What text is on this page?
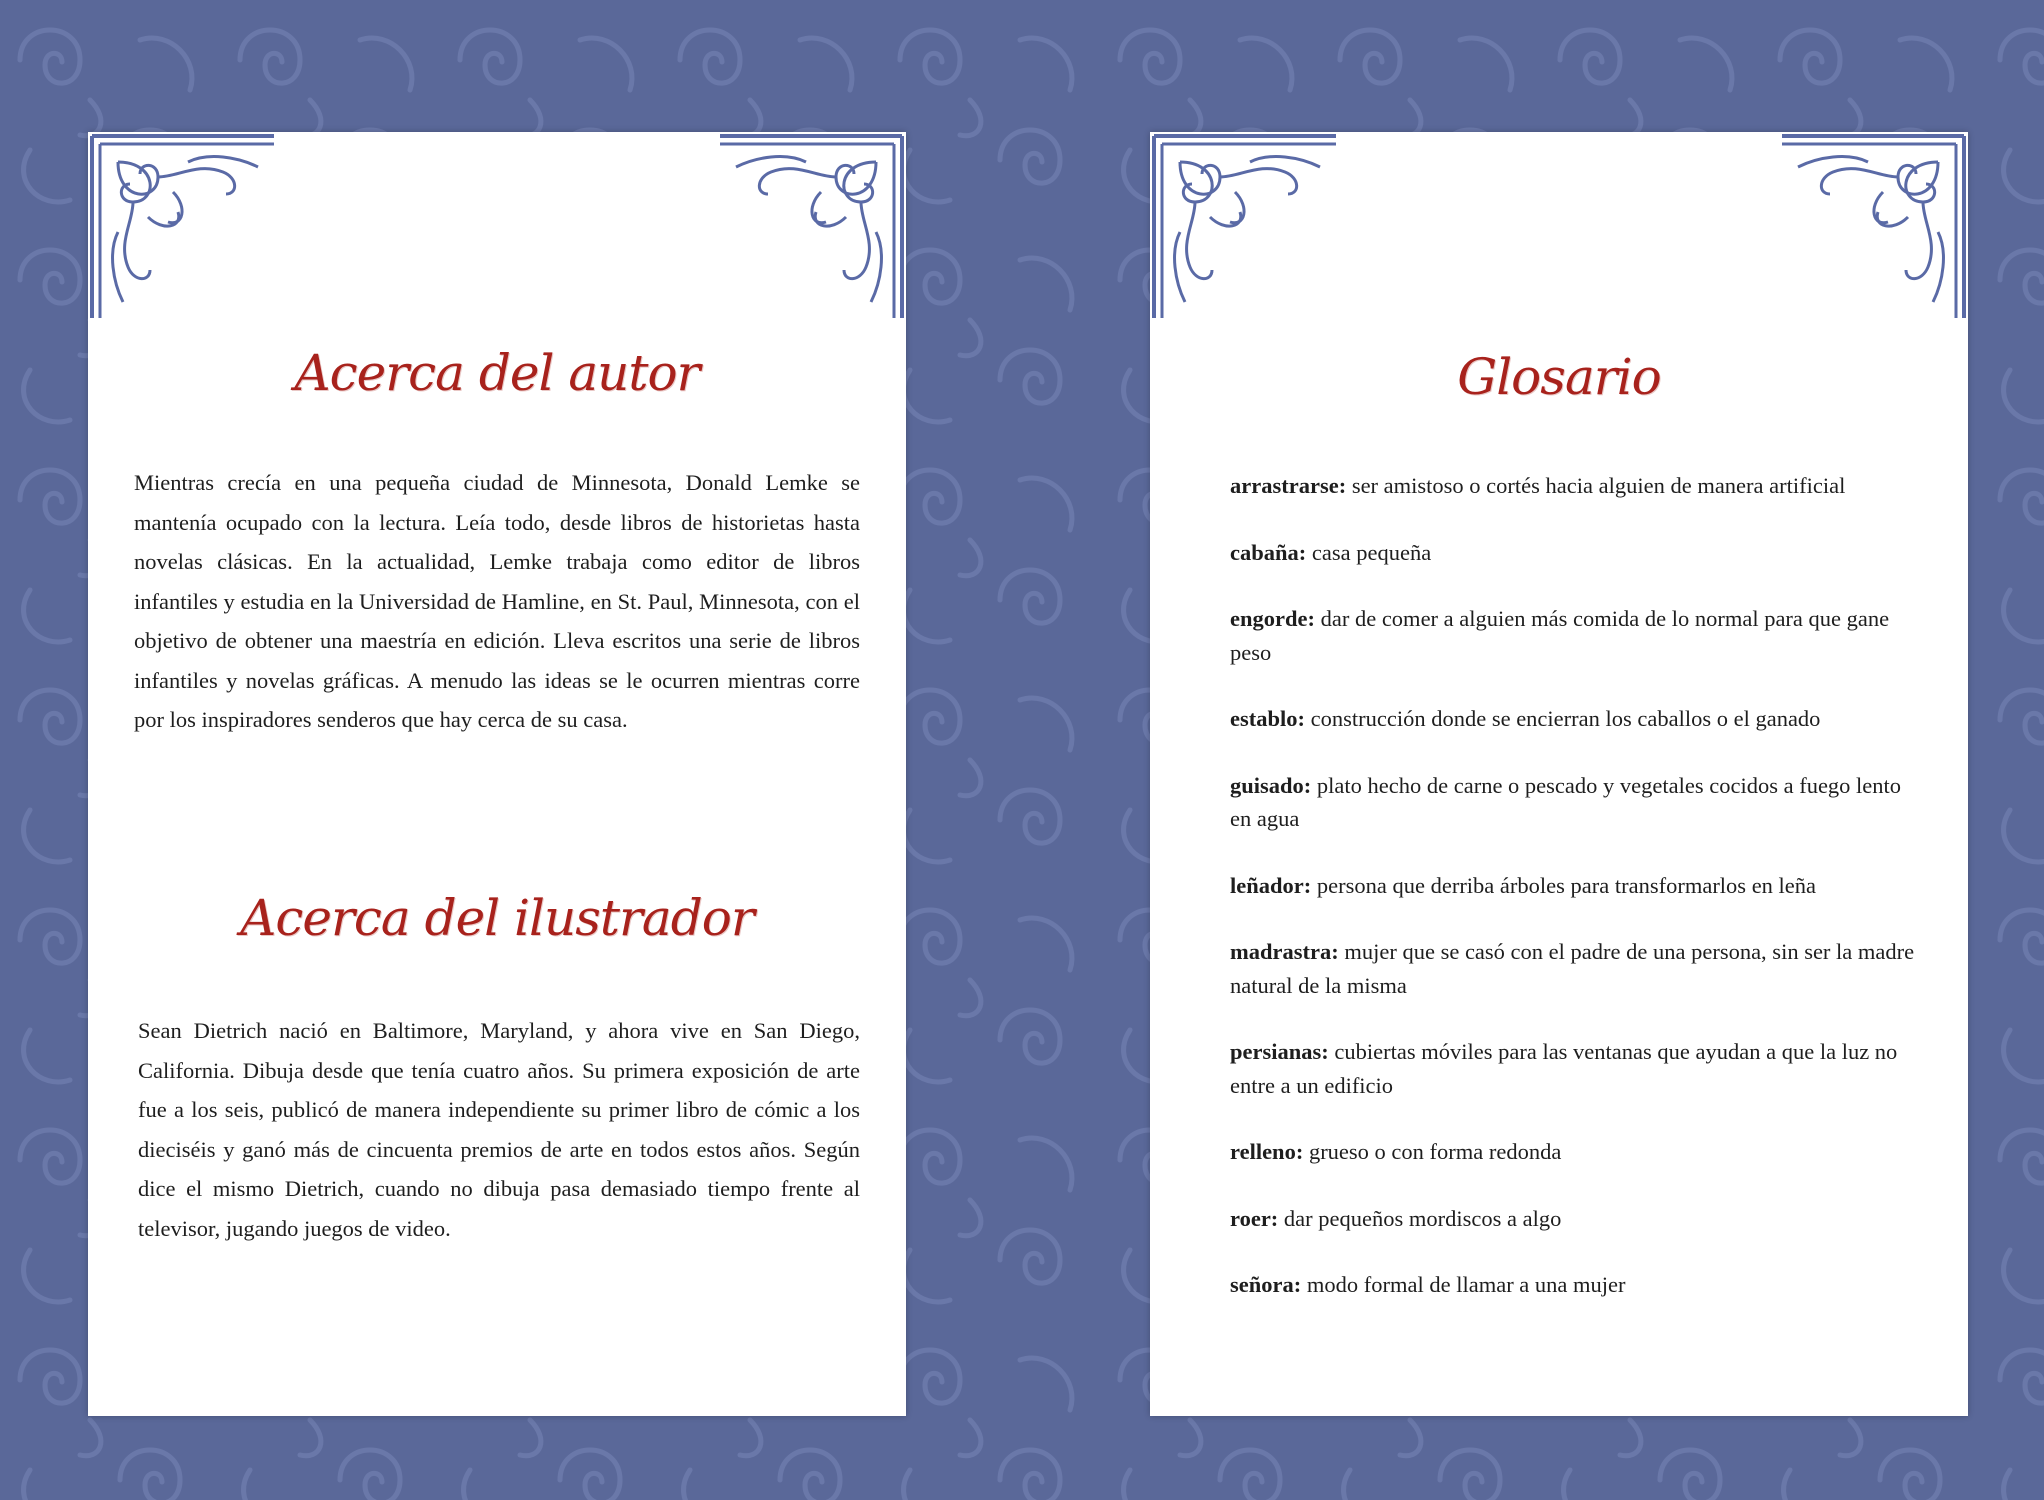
Acerca del autor

Mientras crecía en una pequeña ciudad de Minnesota, Donald Lemke se mantenía ocupado con la lectura. Leía todo, desde libros de historietas hasta novelas clásicas. En la actualidad, Lemke trabaja como editor de libros infantiles y estudia en la Universidad de Hamline, en St. Paul, Minnesota, con el objetivo de obtener una maestría en edición. Lleva escritos una serie de libros infantiles y novelas gráficas. A menudo las ideas se le ocurren mientras corre por los inspiradores senderos que hay cerca de su casa.

Acerca del ilustrador

Sean Dietrich nació en Baltimore, Maryland, y ahora vive en San Diego, California. Dibuja desde que tenía cuatro años. Su primera exposición de arte fue a los seis, publicó de manera independiente su primer libro de cómic a los dieciséis y ganó más de cincuenta premios de arte en todos estos años. Según dice el mismo Dietrich, cuando no dibuja pasa demasiado tiempo frente al televisor, jugando juegos de video.

Glosario
arrastrarse: ser amistoso o cortés hacia alguien de manera artificial
cabaña: casa pequeña
engorde: dar de comer a alguien más comida de lo normal para que gane peso
establo: construcción donde se encierran los caballos o el ganado
guisado: plato hecho de carne o pescado y vegetales cocidos a fuego lento en agua
leñador: persona que derriba árboles para transformarlos en leña
madrastra: mujer que se casó con el padre de una persona, sin ser la madre natural de la misma
persianas: cubiertas móviles para las ventanas que ayudan a que la luz no entre a un edificio
relleno: grueso o con forma redonda
roer: dar pequeños mordiscos a algo
señora: modo formal de llamar a una mujer
